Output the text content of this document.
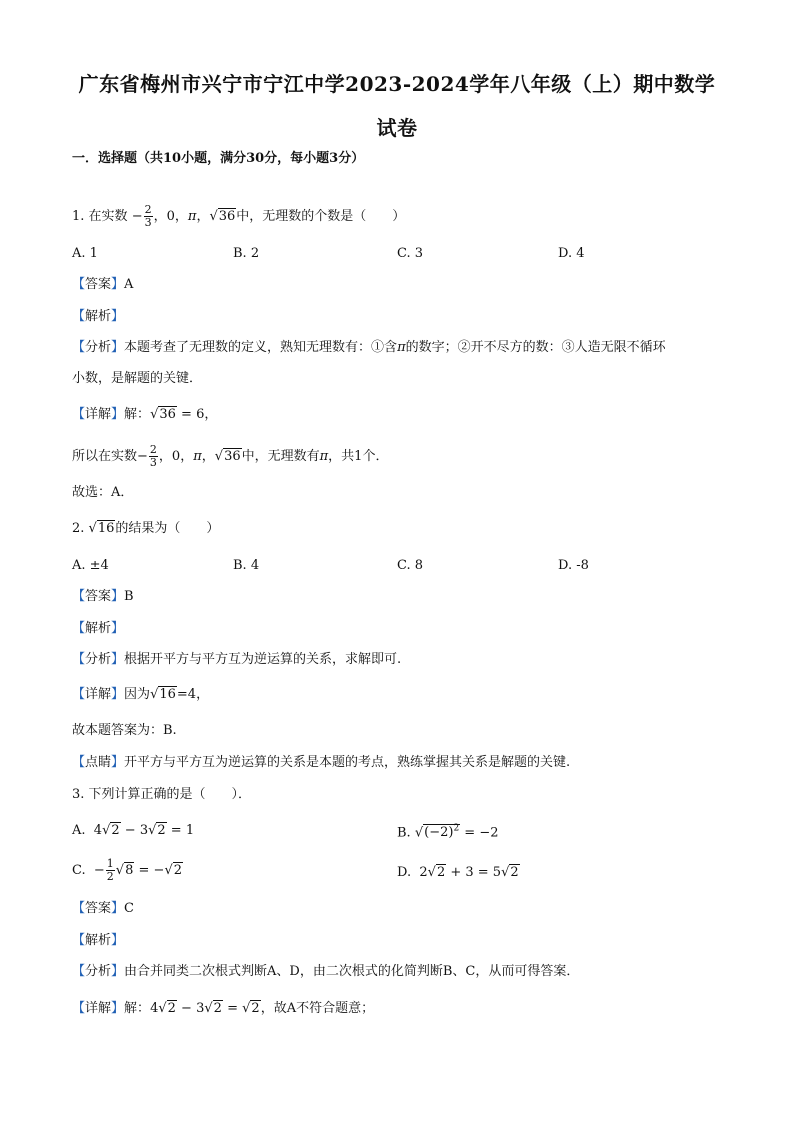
广东省梅州市兴宁市宁江中学2023-2024学年八年级（上）期中数学
试卷
一．选择题（共10小题，满分30分，每小题3分）
1. 在实数 − $\frac{2}{3}$ ，0，π，√36中，无理数的个数是（　　）
A. 1	B. 2	C. 3	D. 4
【答案】A
【解析】
【分析】本题考查了无理数的定义，熟知无理数有：①含π的数字；②开不尽方的数：③人造无限不循环
小数，是解题的关键．
【详解】解：√36 = 6，
所以在实数− $\frac{2}{3}$ ，0，π，√36中，无理数有π，共1个．
故选：A．
2. √16的结果为（　　）
A. ±4	B. 4	C. 8	D. -8
【答案】B
【解析】
【分析】根据开平方与平方互为逆运算的关系，求解即可.
【详解】因为√16=4，
故本题答案为：B.
【点睛】开平方与平方互为逆运算的关系是本题的考点，熟练掌握其关系是解题的关键.
3. 下列计算正确的是（　　）．
A. 4√2 − 3√2 = 1	B. $√(-2)^2 = -2$
C.  − $\frac{1}{2} √8 = -√2$	D. 2√2 + 3 = 5√2
【答案】C
【解析】
【分析】由合并同类二次根式判断A、D，由二次根式的化简判断B、C，从而可得答案．
【详解】解：4√2 − 3√2 = √2，故A不符合题意；
